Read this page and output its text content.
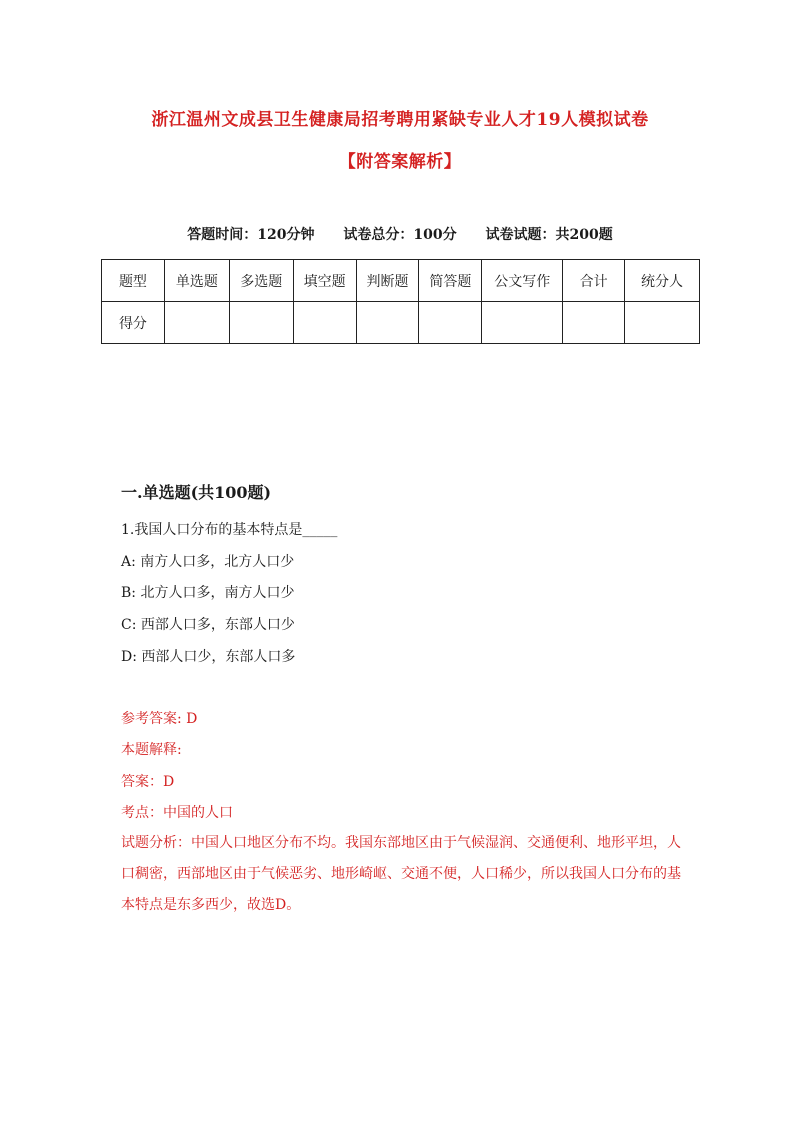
浙江温州文成县卫生健康局招考聘用紧缺专业人才19人模拟试卷
【附答案解析】
答题时间：120分钟 试卷总分：100分 试卷试题：共200题
题型	单选题	多选题	填空题	判断题	简答题	公文写作	合计	统分人
得分								
一.单选题(共100题)
1.我国人口分布的基本特点是_____
A: 南方人口多，北方人口少
B: 北方人口多，南方人口少
C: 西部人口多，东部人口少
D: 西部人口少，东部人口多
参考答案: D
本题解释:
答案：D
考点：中国的人口
试题分析：中国人口地区分布不均。我国东部地区由于气候湿润、交通便利、地形平坦，人口稠密，西部地区由于气候恶劣、地形崎岖、交通不便，人口稀少，所以我国人口分布的基本特点是东多西少，故选D。
